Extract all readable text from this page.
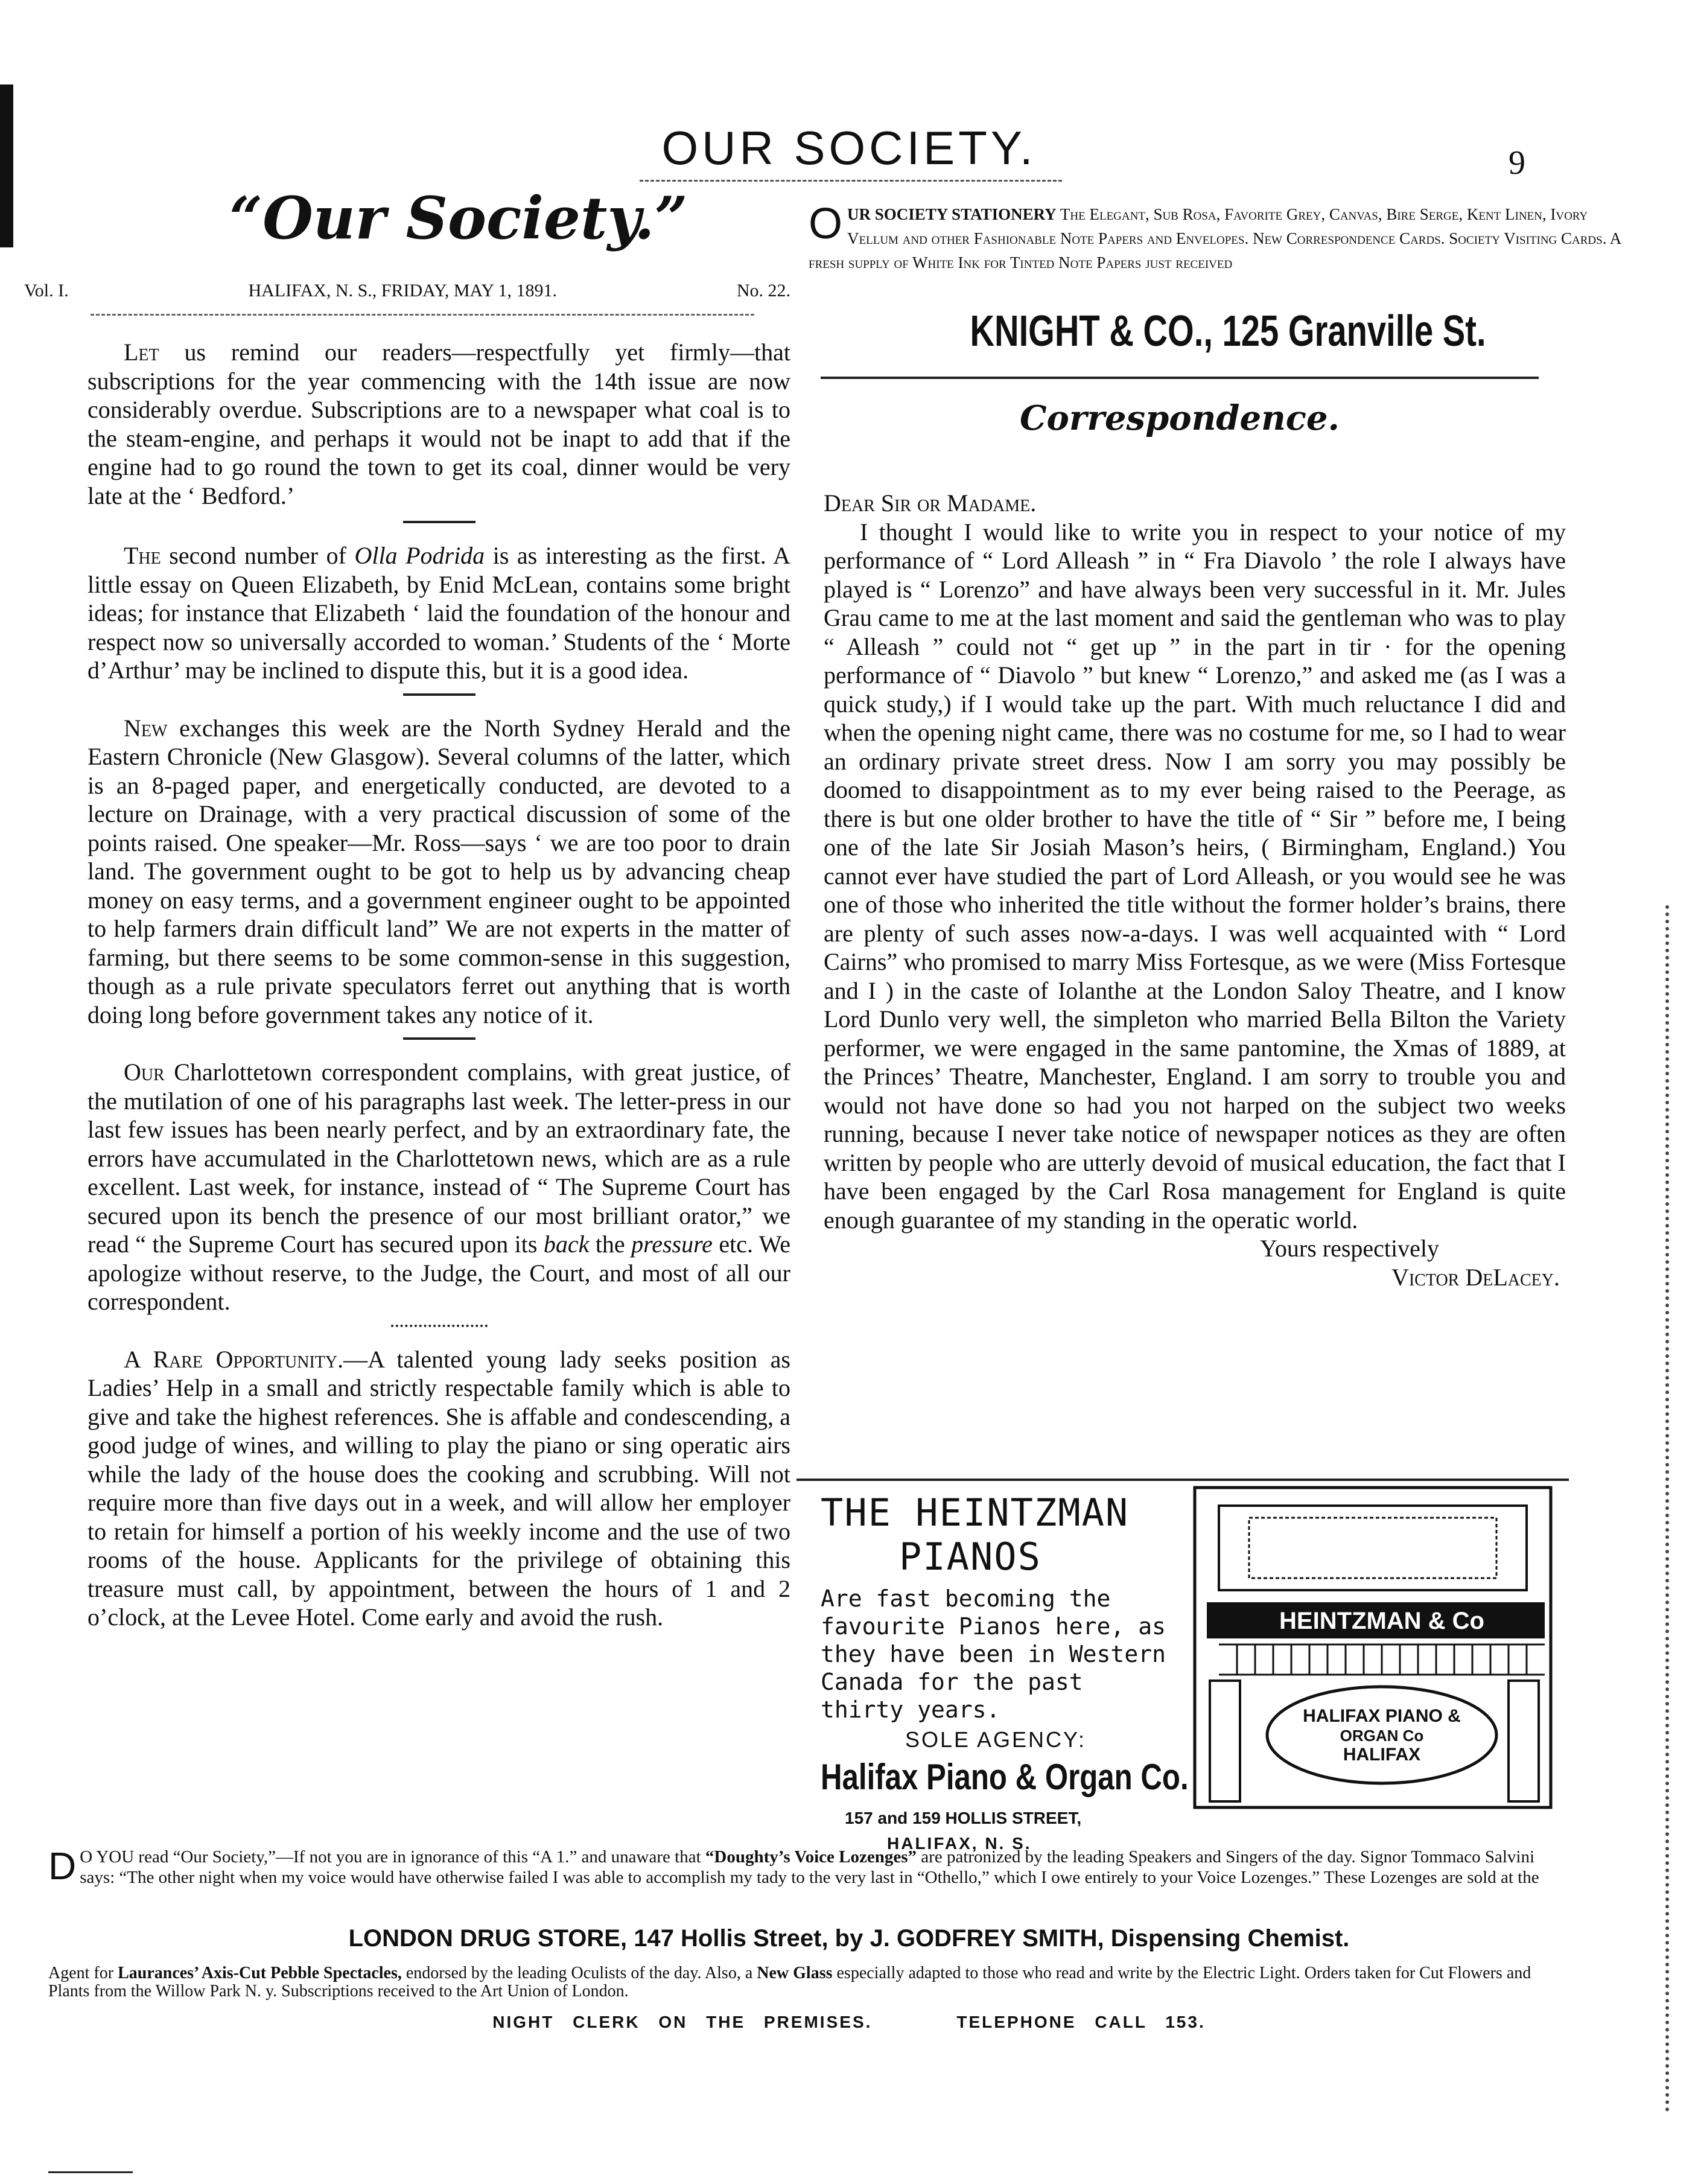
OUR SOCIETY.	9
“Our Society.”
Vol. I.	HALIFAX, N. S., FRIDAY, MAY 1, 1891.	No. 22.

Let us remind our readers—respectfully yet firmly—that subscriptions for the year commencing with the 14th issue are now considerably overdue. Subscriptions are to a newspaper what coal is to the steam-engine, and perhaps it would not be inapt to add that if the engine had to go round the town to get its coal, dinner would be very late at the ‘ Bedford.’

The second number of Olla Podrida is as interesting as the first. A little essay on Queen Elizabeth, by Enid McLean, contains some bright ideas; for instance that Elizabeth ‘ laid the foundation of the honour and respect now so universally accorded to woman.’ Students of the ‘ Morte d’Arthur’ may be inclined to dispute this, but it is a good idea.

New exchanges this week are the North Sydney Herald and the Eastern Chronicle (New Glasgow). Several columns of the latter, which is an 8-paged paper, and energetically conducted, are devoted to a lecture on Drainage, with a very practical discussion of some of the points raised. One speaker—Mr. Ross—says ‘ we are too poor to drain land. The government ought to be got to help us by advancing cheap money on easy terms, and a government engineer ought to be appointed to help farmers drain difficult land” We are not experts in the matter of farming, but there seems to be some common-sense in this suggestion, though as a rule private speculators ferret out anything that is worth doing long before government takes any notice of it.

Our Charlottetown correspondent complains, with great justice, of the mutilation of one of his paragraphs last week. The letter-press in our last few issues has been nearly perfect, and by an extraordinary fate, the errors have accumulated in the Charlottetown news, which are as a rule excellent. Last week, for instance, instead of “ The Supreme Court has secured upon its bench the presence of our most brilliant orator,” we read “ the Supreme Court has secured upon its back the pressure etc. We apologize without reserve, to the Judge, the Court, and most of all our correspondent.

A Rare Opportunity.—A talented young lady seeks position as Ladies’ Help in a small and strictly respectable family which is able to give and take the highest references. She is affable and condescending, a good judge of wines, and willing to play the piano or sing operatic airs while the lady of the house does the cooking and scrubbing. Will not require more than five days out in a week, and will allow her employer to retain for himself a portion of his weekly income and the use of two rooms of the house. Applicants for the privilege of obtaining this treasure must call, by appointment, between the hours of 1 and 2 o’clock, at the Levee Hotel. Come early and avoid the rush.

OUR SOCIETY STATIONERY The Elegant, Sub Rosa, Favorite Grey, Canvas, Bire Serge, Kent Linen, Ivory Vellum and other Fashionable Note Papers and Envelopes. New Correspondence Cards. Society Visiting Cards. A fresh supply of White Ink for Tinted Note Papers just received
KNIGHT & CO., 125 Granville St.
Correspondence.

Dear Sir or Madame.

I thought I would like to write you in respect to your notice of my performance of “ Lord Alleash ” in “ Fra Diavolo ’ the role I always have played is “ Lorenzo” and have always been very successful in it. Mr. Jules Grau came to me at the last moment and said the gentleman who was to play “ Alleash ” could not “ get up ” in the part in tir · for the opening performance of “ Diavolo ” but knew “ Lorenzo,” and asked me (as I was a quick study,) if I would take up the part. With much reluctance I did and when the opening night came, there was no costume for me, so I had to wear an ordinary private street dress. Now I am sorry you may possibly be doomed to disappointment as to my ever being raised to the Peerage, as there is but one older brother to have the title of “ Sir ” before me, I being one of the late Sir Josiah Mason’s heirs, ( Birmingham, England.) You cannot ever have studied the part of Lord Alleash, or you would see he was one of those who inherited the title without the former holder’s brains, there are plenty of such asses now-a-days. I was well acquainted with “ Lord Cairns” who promised to marry Miss Fortesque, as we were (Miss Fortesque and I ) in the caste of Iolanthe at the London Saloy Theatre, and I know Lord Dunlo very well, the simpleton who married Bella Bilton the Variety performer, we were engaged in the same pantomine, the Xmas of 1889, at the Princes’ Theatre, Manchester, England. I am sorry to trouble you and would not have done so had you not harped on the subject two weeks running, because I never take notice of newspaper notices as they are often written by people who are utterly devoid of musical education, the fact that I have been engaged by the Carl Rosa management for England is quite enough guarantee of my standing in the operatic world.

Yours respectively
Victor DeLacey.
THE HEINTZMAN
PIANOS
Are fast becoming the favourite Pianos here, as they have been in Western Canada for the past thirty years.
SOLE AGENCY:
Halifax Piano & Organ Co.
157 and 159 HOLLIS STREET,
HALIFAX, N. S.
HEINTZMAN & Co
HALIFAX PIANO &
ORGAN Co
HALIFAX
D O YOU read “Our Society,”—If not you are in ignorance of this “A 1.” and unaware that “Doughty’s Voice Lozenges” are patronized by the leading Speakers and Singers of the day. Signor Tommaco Salvini says: “The other night when my voice would have otherwise failed I was able to accomplish my tady to the very last in “Othello,” which I owe entirely to your Voice Lozenges.” These Lozenges are sold at the
LONDON DRUG STORE, 147 Hollis Street, by J. GODFREY SMITH, Dispensing Chemist.
Agent for Laurances’ Axis-Cut Pebble Spectacles, endorsed by the leading Oculists of the day. Also, a New Glass especially adapted to those who read and write by the Electric Light. Orders taken for Cut Flowers and Plants from the Willow Park N. y. Subscriptions received to the Art Union of London.
NIGHT CLERK ON THE PREMISES.	TELEPHONE CALL 153.
